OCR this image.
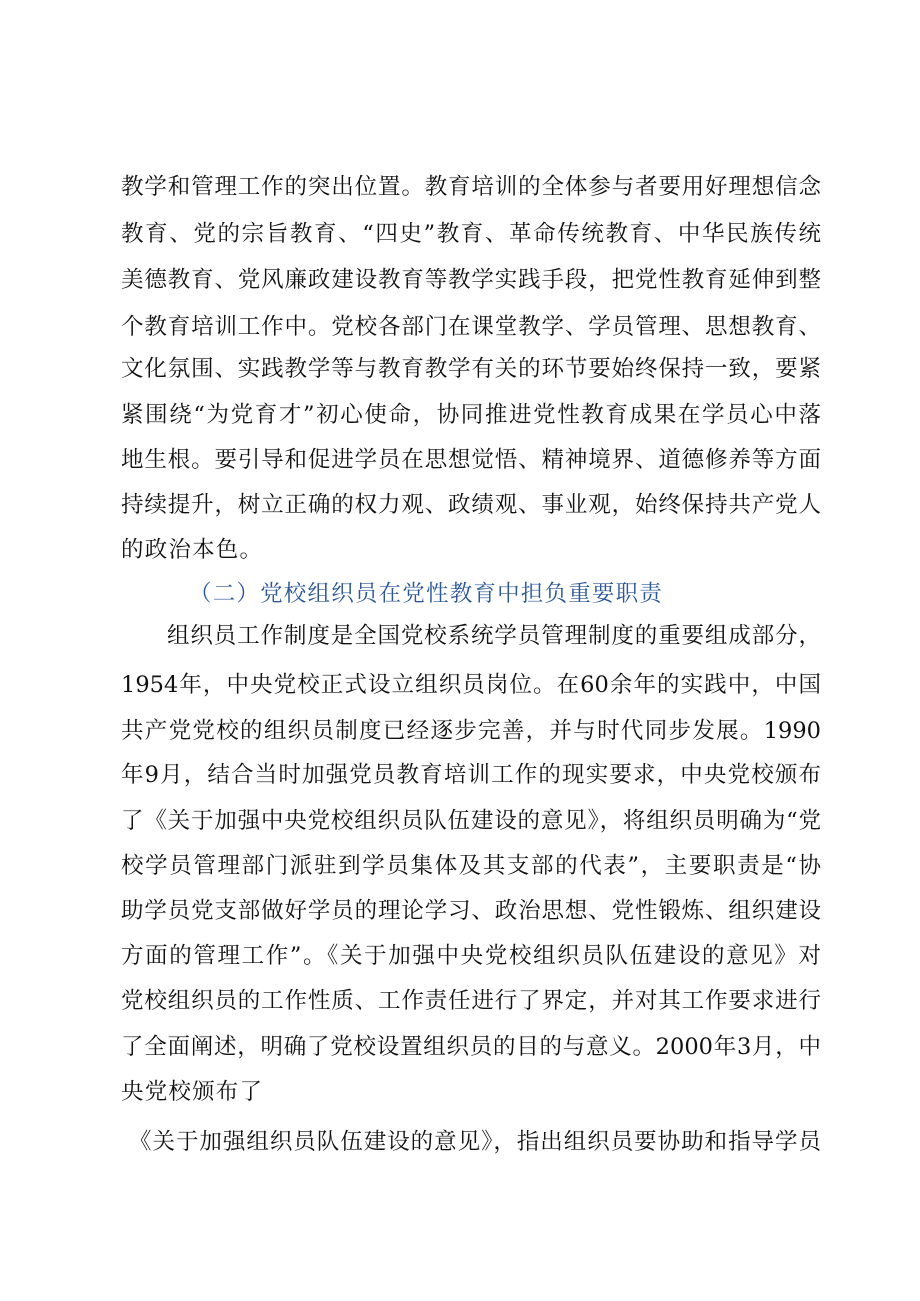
教学和管理工作的突出位置。教育培训的全体参与者要用好理想信念
教育、党的宗旨教育、“四史”教育、革命传统教育、中华民族传统
美德教育、党风廉政建设教育等教学实践手段，把党性教育延伸到整
个教育培训工作中。党校各部门在课堂教学、学员管理、思想教育、
文化氛围、实践教学等与教育教学有关的环节要始终保持一致，要紧
紧围绕“为党育才”初心使命，协同推进党性教育成果在学员心中落
地生根。要引导和促进学员在思想觉悟、精神境界、道德修养等方面
持续提升，树立正确的权力观、政绩观、事业观，始终保持共产党人
的政治本色。
（二）党校组织员在党性教育中担负重要职责
组织员工作制度是全国党校系统学员管理制度的重要组成部分，
1954年，中央党校正式设立组织员岗位。在60余年的实践中，中国
共产党党校的组织员制度已经逐步完善，并与时代同步发展。1990
年9月，结合当时加强党员教育培训工作的现实要求，中央党校颁布
了《关于加强中央党校组织员队伍建设的意见》，将组织员明确为“党
校学员管理部门派驻到学员集体及其支部的代表”，主要职责是“协
助学员党支部做好学员的理论学习、政治思想、党性锻炼、组织建设
方面的管理工作”。《关于加强中央党校组织员队伍建设的意见》对
党校组织员的工作性质、工作责任进行了界定，并对其工作要求进行
了全面阐述，明确了党校设置组织员的目的与意义。2000年3月，中
央党校颁布了
《关于加强组织员队伍建设的意见》，指出组织员要协助和指导学员
